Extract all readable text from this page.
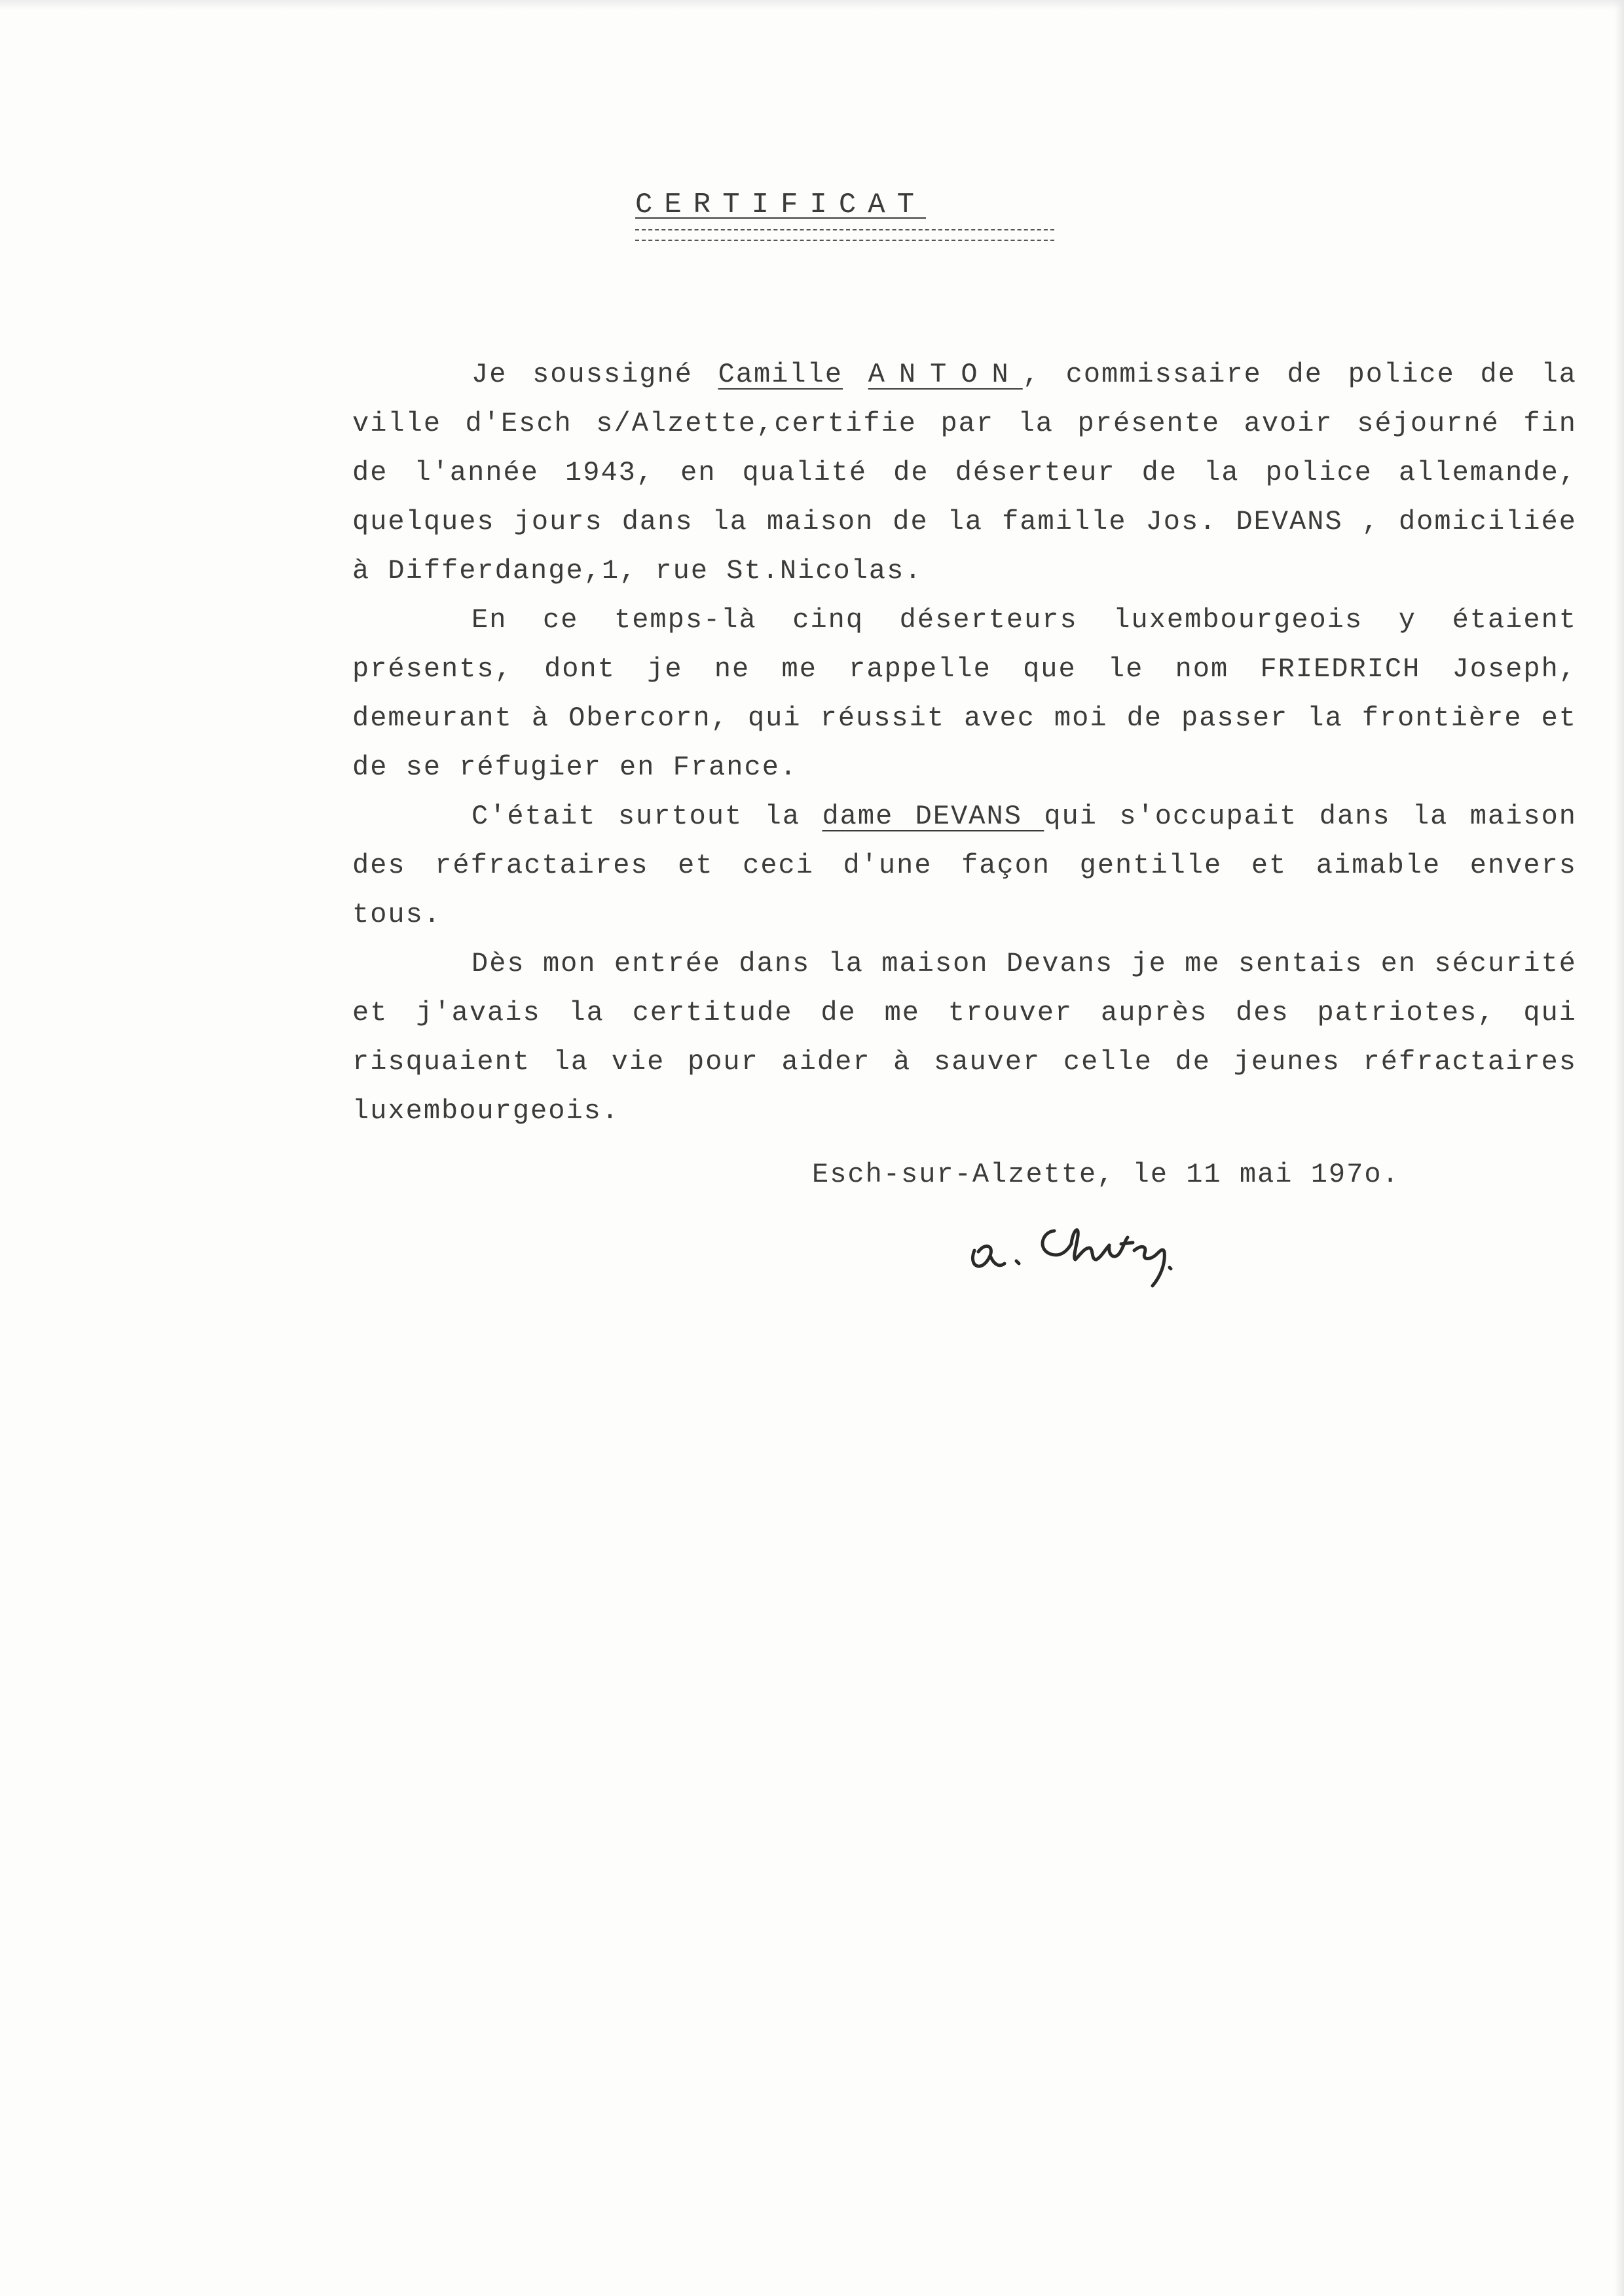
CERTIFICAT

Je soussigné Camille ANTON, commissaire de police de la ville d'Esch s/Alzette,certifie par la présente avoir séjourné fin de l'année 1943, en qualité de déserteur de la police allemande, quelques jours dans la maison de la famille Jos. DEVANS , domiciliée à Differdange,1, rue St.Nicolas.

En ce temps-là cinq déserteurs luxembourgeois y étaient présents, dont je ne me rappelle que le nom FRIEDRICH Joseph, demeurant à Obercorn, qui réussit avec moi de passer la frontière et de se réfugier en France.

C'était surtout la dame DEVANS qui s'occupait dans la maison des réfractaires et ceci d'une façon gentille et aimable envers tous.

Dès mon entrée dans la maison Devans je me sentais en sécurité et j'avais la certitude de me trouver auprès des patriotes, qui risquaient la vie pour aider à sauver celle de jeunes réfractaires luxembourgeois.

Esch-sur-Alzette, le 11 mai 197o.
